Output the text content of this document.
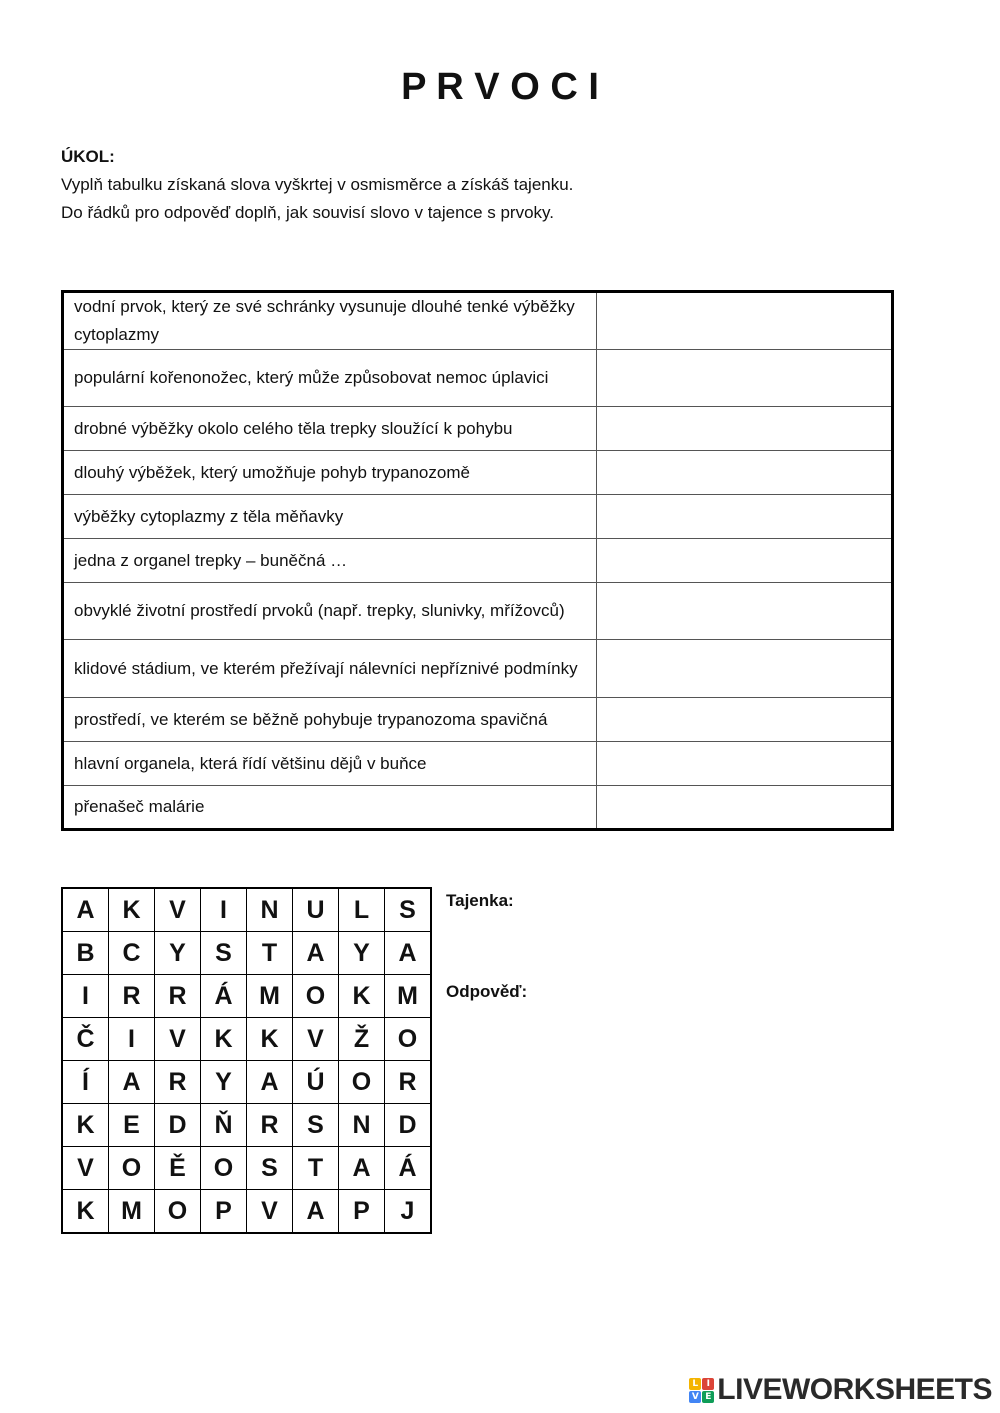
P R V O C I
ÚKOL:
Vyplň tabulku získaná slova vyškrtej v osmisměrce a získáš tajenku.
Do řádků pro odpověď doplň, jak souvisí slovo v tajence s prvoky.
vodní prvok, který ze své schránky vysunuje dlouhé tenké výběžky cytoplazmy	
populární kořenonožec, který může způsobovat nemoc úplavici	
drobné výběžky okolo celého těla trepky sloužící k pohybu	
dlouhý výběžek, který umožňuje pohyb trypanozomě	
výběžky cytoplazmy z těla měňavky	
jedna z organel trepky – buněčná …	
obvyklé životní prostředí prvoků (např. trepky, slunivky, mřížovců)	
klidové stádium, ve kterém přežívají nálevníci nepříznivé podmínky	
prostředí, ve kterém se běžně pohybuje trypanozoma spavičná	
hlavní organela, která řídí většinu dějů v buňce	
přenašeč malárie	
A	K	V	I	N	U	L	S
B	C	Y	S	T	A	Y	A
I	R	R	Á	M	O	K	M
Č	I	V	K	K	V	Ž	O
Í	A	R	Y	A	Ú	O	R
K	E	D	Ň	R	S	N	D
V	O	Ě	O	S	T	A	Á
K	M	O	P	V	A	P	J
Tajenka:
Odpověď:
L I
V E LIVEWORKSHEETS
